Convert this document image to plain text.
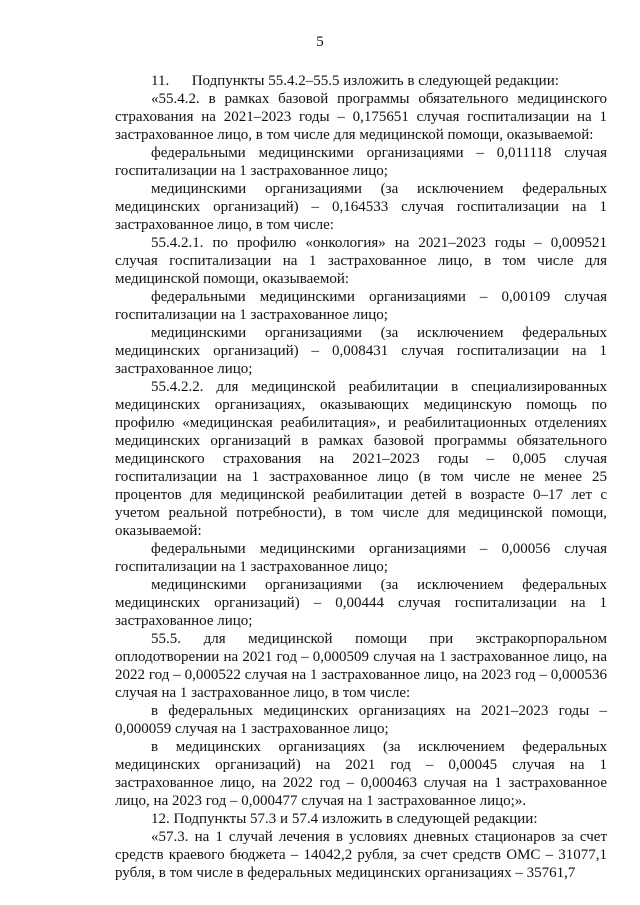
5

11.  Подпункты 55.4.2–55.5 изложить в следующей редакции:

«55.4.2. в рамках базовой программы обязательного медицинского страхования на 2021–2023 годы – 0,175651 случая госпитализации на 1 застрахованное лицо, в том числе для медицинской помощи, оказываемой:

федеральными медицинскими организациями – 0,011118 случая госпитализации на 1 застрахованное лицо;

медицинскими организациями (за исключением федеральных медицинских организаций) – 0,164533 случая госпитализации на 1 застрахованное лицо, в том числе:

55.4.2.1. по профилю «онкология» на 2021–2023 годы – 0,009521 случая госпитализации на 1 застрахованное лицо, в том числе для медицинской помощи, оказываемой:

федеральными медицинскими организациями – 0,00109 случая госпитализации на 1 застрахованное лицо;

медицинскими организациями (за исключением федеральных медицинских организаций) – 0,008431 случая госпитализации на 1 застрахованное лицо;

55.4.2.2. для медицинской реабилитации в специализированных медицинских организациях, оказывающих медицинскую помощь по профилю «медицинская реабилитация», и реабилитационных отделениях медицинских организаций в рамках базовой программы обязательного медицинского страхования на 2021–2023 годы – 0,005 случая госпитализации на 1 застрахованное лицо (в том числе не менее 25 процентов для медицинской реабилитации детей в возрасте 0–17 лет с учетом реальной потребности), в том числе для медицинской помощи, оказываемой:

федеральными медицинскими организациями – 0,00056 случая госпитализации на 1 застрахованное лицо;

медицинскими организациями (за исключением федеральных медицинских организаций) – 0,00444 случая госпитализации на 1 застрахованное лицо;

55.5. для медицинской помощи при экстракорпоральном оплодотворении на 2021 год – 0,000509 случая на 1 застрахованное лицо, на 2022 год – 0,000522 случая на 1 застрахованное лицо, на 2023 год – 0,000536 случая на 1 застрахованное лицо, в том числе:

в федеральных медицинских организациях на 2021–2023 годы – 0,000059 случая на 1 застрахованное лицо;

в медицинских организациях (за исключением федеральных медицинских организаций) на 2021 год – 0,00045 случая на 1 застрахованное лицо, на 2022 год – 0,000463 случая на 1 застрахованное лицо, на 2023 год – 0,000477 случая на 1 застрахованное лицо;».

12. Подпункты 57.3 и 57.4 изложить в следующей редакции:

«57.3. на 1 случай лечения в условиях дневных стационаров за счет средств краевого бюджета – 14042,2 рубля, за счет средств ОМС – 31077,1 рубля, в том числе в федеральных медицинских организациях – 35761,7
